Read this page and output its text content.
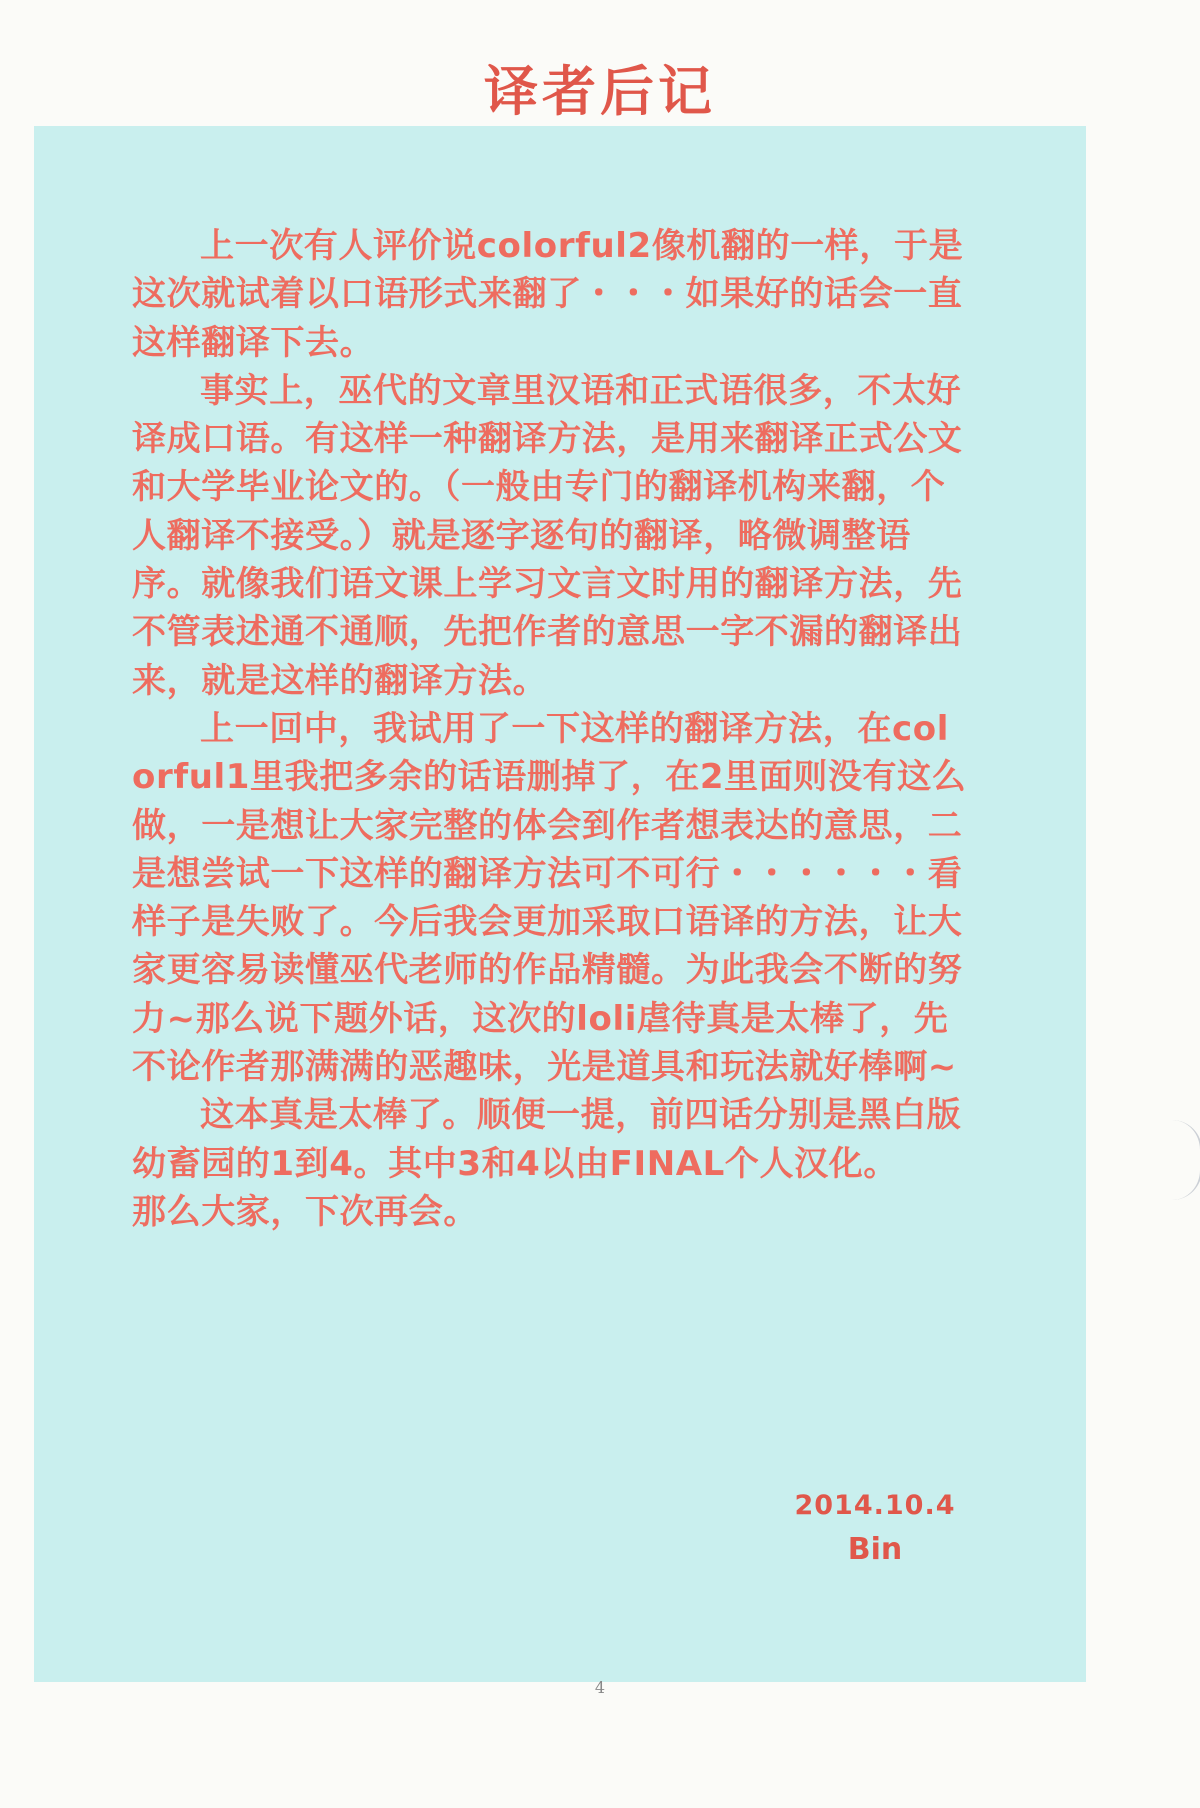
译者后记

上一次有人评价说colorful2像机翻的一样，于是这次就试着以口语形式来翻了・・・如果好的话会一直这样翻译下去。

事实上，巫代的文章里汉语和正式语很多，不太好译成口语。有这样一种翻译方法，是用来翻译正式公文和大学毕业论文的。（一般由专门的翻译机构来翻，个人翻译不接受。）就是逐字逐句的翻译，略微调整语序。就像我们语文课上学习文言文时用的翻译方法，先不管表述通不通顺，先把作者的意思一字不漏的翻译出来，就是这样的翻译方法。

上一回中，我试用了一下这样的翻译方法，在colorful1里我把多余的话语删掉了，在2里面则没有这么做，一是想让大家完整的体会到作者想表达的意思，二是想尝试一下这样的翻译方法可不可行・・・・・・看样子是失败了。今后我会更加采取口语译的方法，让大家更容易读懂巫代老师的作品精髓。为此我会不断的努力~那么说下题外话，这次的loli虐待真是太棒了，先不论作者那满满的恶趣味，光是道具和玩法就好棒啊~

这本真是太棒了。顺便一提，前四话分别是黑白版幼畜园的1到4。其中3和4以由FINAL个人汉化。

那么大家，下次再会。

2014.10.4
Bin
4
